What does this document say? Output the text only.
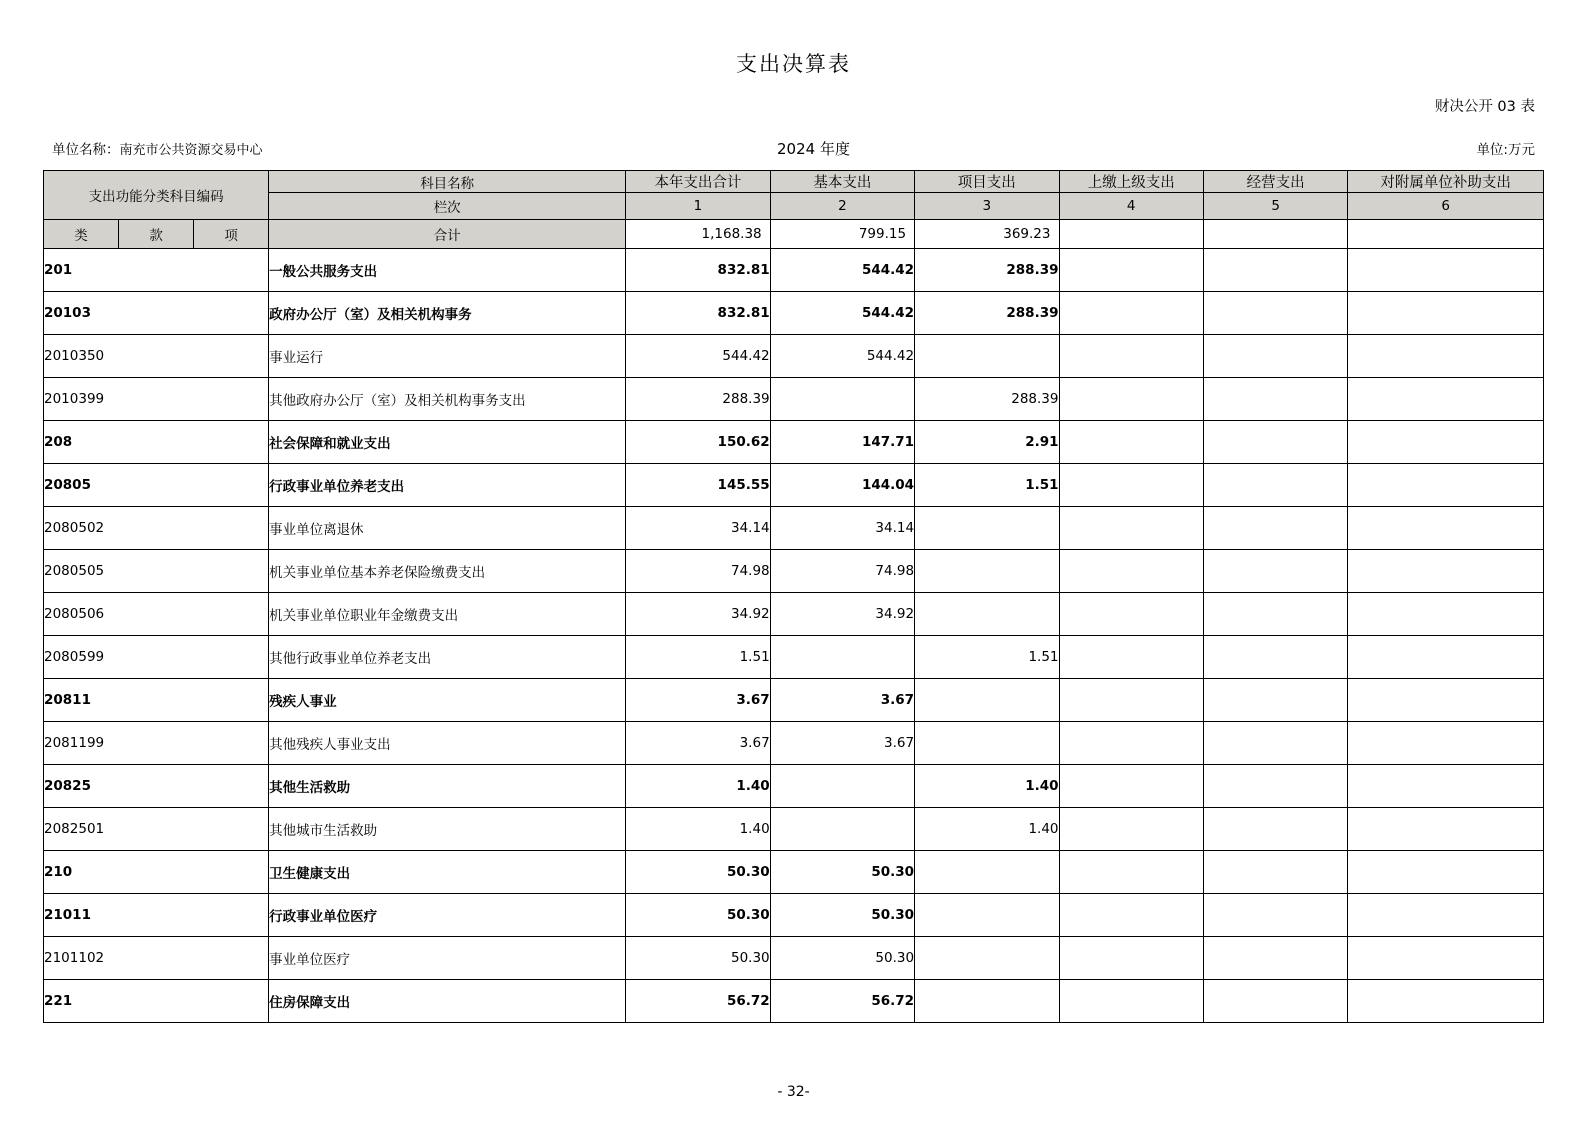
支出决算表
财决公开 03 表
单位名称：南充市公共资源交易中心	2024 年度	单位:万元
支出功能分类科目编码			科目名称	本年支出合计	基本支出	项目支出	上缴上级支出	经营支出	对附属单位补助支出
			栏次	1	2	3	4	5	6
类	款	项	合计	1,168.38	799.15	369.23			
201			一般公共服务支出	832.81	544.42	288.39			
20103			政府办公厅（室）及相关机构事务	832.81	544.42	288.39			
2010350			事业运行	544.42	544.42				
2010399			其他政府办公厅（室）及相关机构事务支出	288.39		288.39			
208			社会保障和就业支出	150.62	147.71	2.91			
20805			行政事业单位养老支出	145.55	144.04	1.51			
2080502			事业单位离退休	34.14	34.14				
2080505			机关事业单位基本养老保险缴费支出	74.98	74.98				
2080506			机关事业单位职业年金缴费支出	34.92	34.92				
2080599			其他行政事业单位养老支出	1.51		1.51			
20811			残疾人事业	3.67	3.67				
2081199			其他残疾人事业支出	3.67	3.67				
20825			其他生活救助	1.40		1.40			
2082501			其他城市生活救助	1.40		1.40			
210			卫生健康支出	50.30	50.30				
21011			行政事业单位医疗	50.30	50.30				
2101102			事业单位医疗	50.30	50.30				
221			住房保障支出	56.72	56.72				
- 32-
